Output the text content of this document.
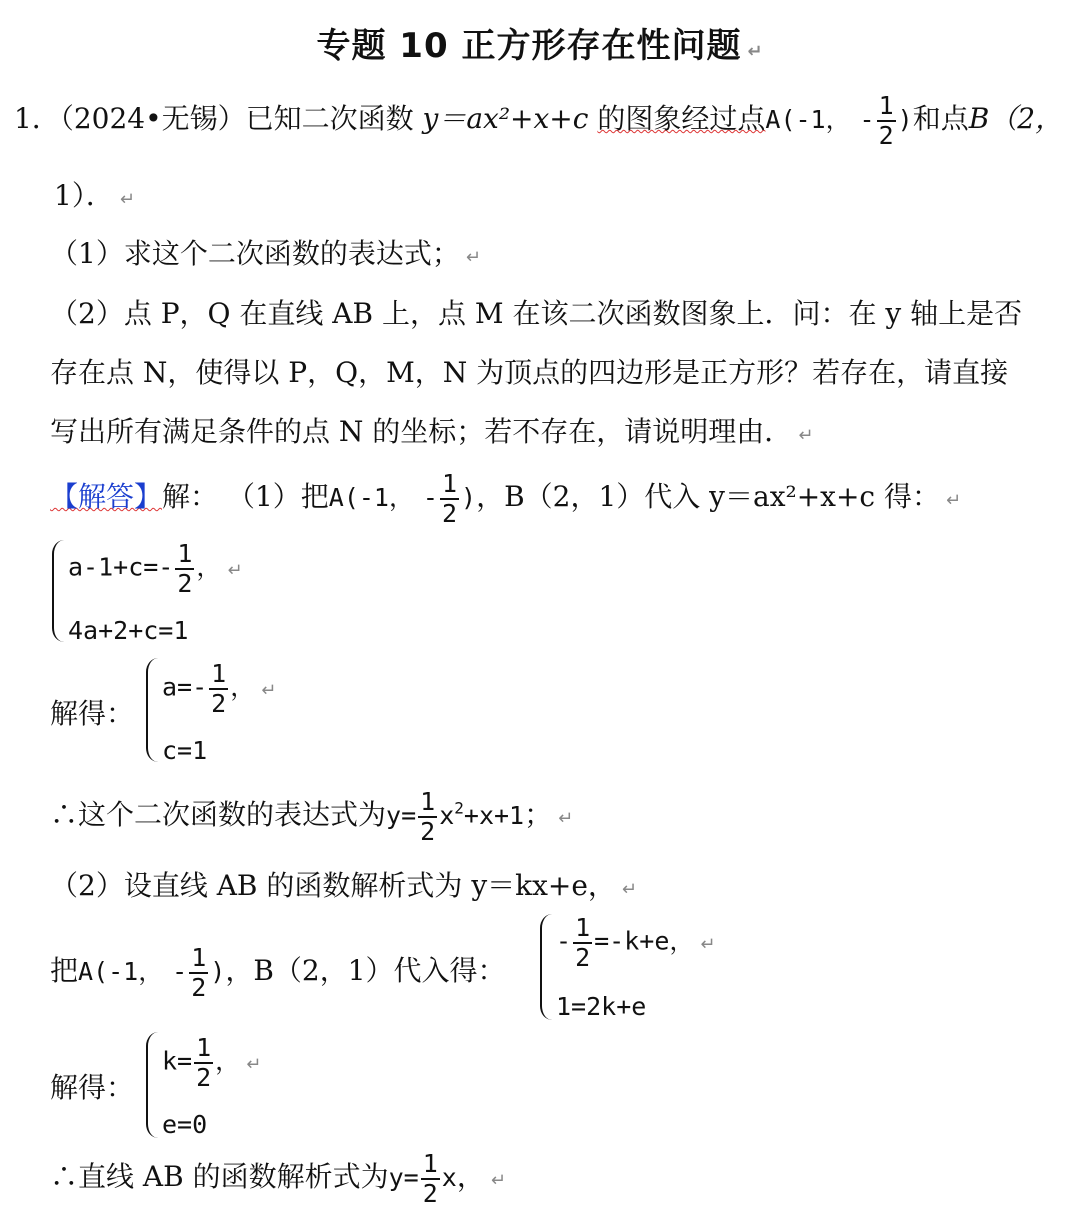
专题 10 正方形存在性问题 ↵
1．（2024•无锡）已知二次函数 y＝ax²+x+c 的图象经过点A(-1， - $\frac{1}{2}$ )和点B（2，
1）． ↵
（1）求这个二次函数的表达式； ↵
（2）点 P，Q 在直线 AB 上，点 M 在该二次函数图象上．问：在 y 轴上是否
存在点 N，使得以 P，Q，M，N 为顶点的四边形是正方形？若存在，请直接
写出所有满足条件的点 N 的坐标；若不存在，请说明理由． ↵
【解答】解： （1）把A(-1， - $\frac{1}{2}$ )，B（2，1）代入 y＝ax²+x+c 得： ↵
$a-1+c=- \frac{1}{2}$ ， ↵
4a+2+c=1
解得：
$a=- \frac{1}{2}$ ， ↵
c=1
∴这个二次函数的表达式为$y= \frac{1}{2} x^2+x+1$； ↵
（2）设直线 AB 的函数解析式为 y＝kx+e， ↵
把A(-1， - $\frac{1}{2}$ )，B（2，1）代入得：
- $\frac{1}{2} =-k+e$， ↵
1=2k+e
解得：
$k= \frac{1}{2}$ ， ↵
e=0
∴直线 AB 的函数解析式为$y= \frac{1}{2}$ x， ↵
